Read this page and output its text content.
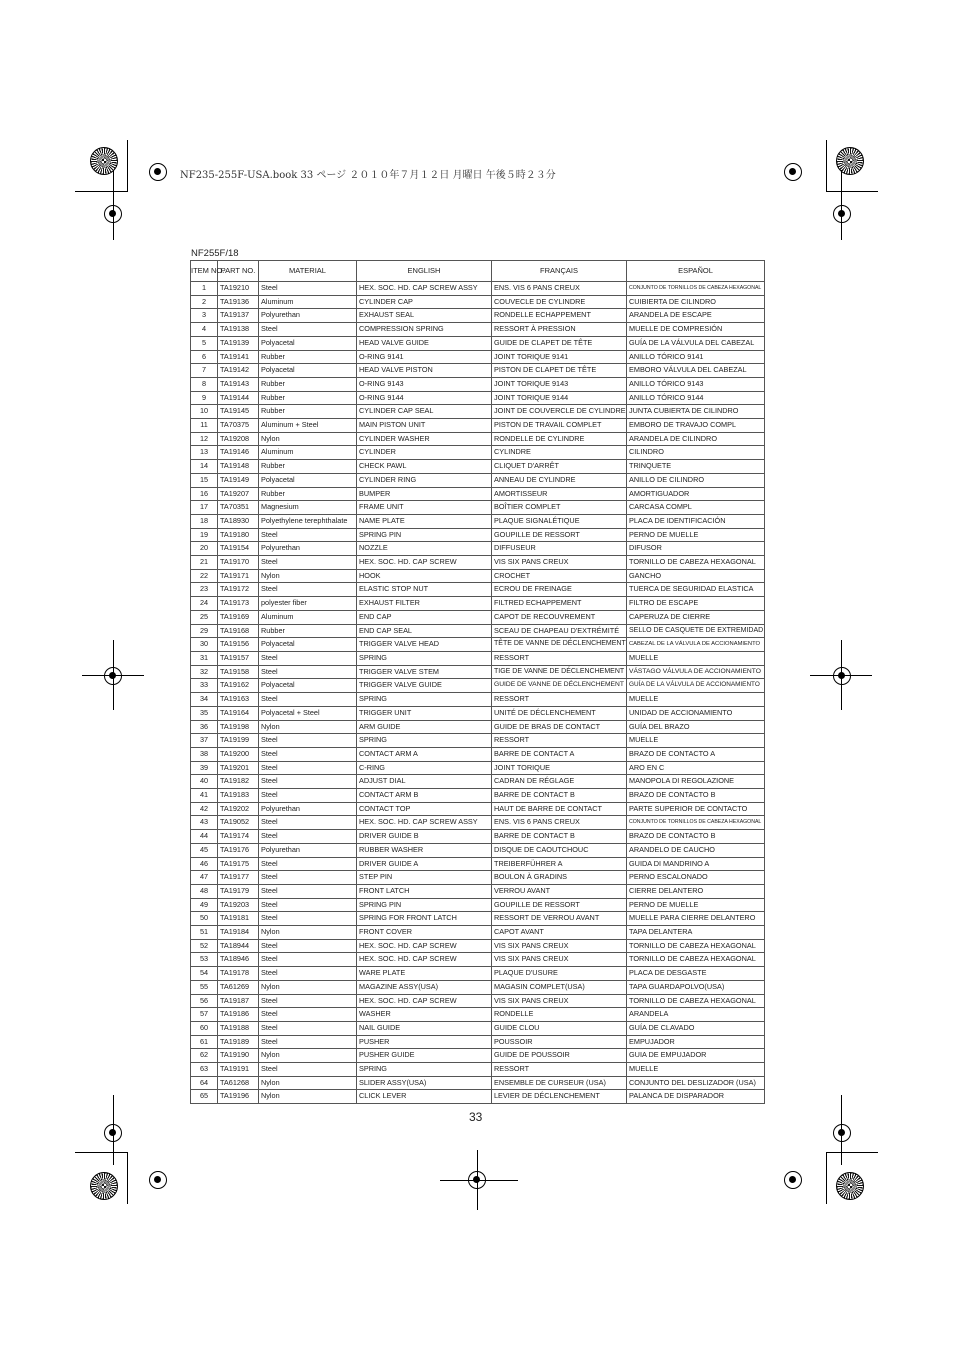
NF235-255F-USA.book 33 ページ ２０１０年７月１２日 月曜日 午後５時２３分
NF255F/18
ITEM NO.	PART NO.	MATERIAL	ENGLISH	FRANÇAIS	ESPAÑOL
1	TA19210	Steel	HEX. SOC. HD. CAP SCREW ASSY	ENS. VIS 6 PANS CREUX	CONJUNTO DE TORNILLOS DE CABEZA HEXAGONAL
2	TA19136	Aluminum	CYLINDER CAP	COUVECLE DE CYLINDRE	CUIBIERTA DE CILINDRO
3	TA19137	Polyurethan	EXHAUST SEAL	RONDELLE ECHAPPEMENT	ARANDELA DE ESCAPE
4	TA19138	Steel	COMPRESSION SPRING	RESSORT À PRESSION	MUELLE DE COMPRESIÓN
5	TA19139	Polyacetal	HEAD VALVE GUIDE	GUIDE DE CLAPET DE TÊTE	GUÍA DE LA VÁLVULA DEL CABEZAL
6	TA19141	Rubber	O-RING 9141	JOINT TORIQUE 9141	ANILLO TÓRICO 9141
7	TA19142	Polyacetal	HEAD VALVE PISTON	PISTON DE CLAPET DE TÊTE	EMBORO VÁLVULA DEL CABEZAL
8	TA19143	Rubber	O-RING 9143	JOINT TORIQUE 9143	ANILLO TÓRICO 9143
9	TA19144	Rubber	O-RING 9144	JOINT TORIQUE 9144	ANILLO TÓRICO 9144
10	TA19145	Rubber	CYLINDER CAP SEAL	JOINT DE COUVERCLE DE CYLINDRE	JUNTA CUBIERTA DE CILINDRO
11	TA70375	Aluminum + Steel	MAIN PISTON UNIT	PISTON DE TRAVAIL COMPLET	EMBORO DE TRAVAJO COMPL
12	TA19208	Nylon	CYLINDER WASHER	RONDELLE DE CYLINDRE	ARANDELA DE CILINDRO
13	TA19146	Aluminum	CYLINDER	CYLINDRE	CILINDRO
14	TA19148	Rubber	CHECK PAWL	CLIQUET D'ARRÊT	TRINQUETE
15	TA19149	Polyacetal	CYLINDER RING	ANNEAU DE CYLINDRE	ANILLO DE CILINDRO
16	TA19207	Rubber	BUMPER	AMORTISSEUR	AMORTIGUADOR
17	TA70351	Magnesium	FRAME UNIT	BOÎTIER COMPLET	CARCASA COMPL
18	TA18930	Polyethylene terephthalate	NAME PLATE	PLAQUE SIGNALÉTIQUE	PLACA DE IDENTIFICACIÓN
19	TA19180	Steel	SPRING PIN	GOUPILLE DE RESSORT	PERNO DE MUELLE
20	TA19154	Polyurethan	NOZZLE	DIFFUSEUR	DIFUSOR
21	TA19170	Steel	HEX. SOC. HD. CAP SCREW	VIS SIX PANS CREUX	TORNILLO DE CABEZA HEXAGONAL
22	TA19171	Nylon	HOOK	CROCHET	GANCHO
23	TA19172	Steel	ELASTIC STOP NUT	ECROU DE FREINAGE	TUERCA DE SEGURIDAD ELASTICA
24	TA19173	polyester fiber	EXHAUST FILTER	FILTRED ECHAPPEMENT	FILTRO DE ESCAPE
25	TA19169	Aluminum	END CAP	CAPOT DE RECOUVREMENT	CAPERUZA DE CIERRE
29	TA19168	Rubber	END CAP SEAL	SCEAU DE CHAPEAU D'EXTRÉMITÉ	SELLO DE CASQUETE DE EXTREMIDAD
30	TA19156	Polyacetal	TRIGGER VALVE HEAD	TÊTE DE VANNE DE DÉCLENCHEMENT	CABEZAL DE LA VÁLVULA DE ACCIONAMIENTO
31	TA19157	Steel	SPRING	RESSORT	MUELLE
32	TA19158	Steel	TRIGGER VALVE STEM	TIGE DE VANNE DE DÉCLENCHEMENT	VÁSTAGO VÁLVULA DE ACCIONAMIENTO
33	TA19162	Polyacetal	TRIGGER VALVE GUIDE	GUIDE DE VANNE DE DÉCLENCHEMENT	GUÍA DE LA VÁLVULA DE ACCIONAMIENTO
34	TA19163	Steel	SPRING	RESSORT	MUELLE
35	TA19164	Polyacetal + Steel	TRIGGER UNIT	UNITÉ DE DÉCLENCHEMENT	UNIDAD DE ACCIONAMIENTO
36	TA19198	Nylon	ARM GUIDE	GUIDE DE BRAS DE CONTACT	GUÍA DEL BRAZO
37	TA19199	Steel	SPRING	RESSORT	MUELLE
38	TA19200	Steel	CONTACT ARM A	BARRE DE CONTACT A	BRAZO DE CONTACTO A
39	TA19201	Steel	C-RING	JOINT TORIQUE	ARO EN C
40	TA19182	Steel	ADJUST DIAL	CADRAN DE RÉGLAGE	MANOPOLA DI REGOLAZIONE
41	TA19183	Steel	CONTACT ARM B	BARRE DE CONTACT B	BRAZO DE CONTACTO B
42	TA19202	Polyurethan	CONTACT TOP	HAUT DE BARRE DE CONTACT	PARTE SUPERIOR DE CONTACTO
43	TA19052	Steel	HEX. SOC. HD. CAP SCREW ASSY	ENS. VIS 6 PANS CREUX	CONJUNTO DE TORNILLOS DE CABEZA HEXAGONAL
44	TA19174	Steel	DRIVER GUIDE B	BARRE DE CONTACT B	BRAZO DE CONTACTO B
45	TA19176	Polyurethan	RUBBER WASHER	DISQUE DE CAOUTCHOUC	ARANDELO DE CAUCHO
46	TA19175	Steel	DRIVER GUIDE A	TREIBERFÜHRER A	GUIDA DI MANDRINO A
47	TA19177	Steel	STEP PIN	BOULON À GRADINS	PERNO ESCALONADO
48	TA19179	Steel	FRONT LATCH	VERROU AVANT	CIERRE DELANTERO
49	TA19203	Steel	SPRING PIN	GOUPILLE DE RESSORT	PERNO DE MUELLE
50	TA19181	Steel	SPRING FOR FRONT LATCH	RESSORT DE VERROU AVANT	MUELLE PARA CIERRE DELANTERO
51	TA19184	Nylon	FRONT COVER	CAPOT AVANT	TAPA DELANTERA
52	TA18944	Steel	HEX. SOC. HD. CAP SCREW	VIS SIX PANS CREUX	TORNILLO DE CABEZA HEXAGONAL
53	TA18946	Steel	HEX. SOC. HD. CAP SCREW	VIS SIX PANS CREUX	TORNILLO DE CABEZA HEXAGONAL
54	TA19178	Steel	WARE PLATE	PLAQUE D'USURE	PLACA DE DESGASTE
55	TA61269	Nylon	MAGAZINE ASSY(USA)	MAGASIN COMPLET(USA)	TAPA GUARDAPOLVO(USA)
56	TA19187	Steel	HEX. SOC. HD. CAP SCREW	VIS SIX PANS CREUX	TORNILLO DE CABEZA HEXAGONAL
57	TA19186	Steel	WASHER	RONDELLE	ARANDELA
60	TA19188	Steel	NAIL GUIDE	GUIDE CLOU	GUÍA DE CLAVADO
61	TA19189	Steel	PUSHER	POUSSOIR	EMPUJADOR
62	TA19190	Nylon	PUSHER GUIDE	GUIDE DE POUSSOIR	GUIA DE EMPUJADOR
63	TA19191	Steel	SPRING	RESSORT	MUELLE
64	TA61268	Nylon	SLIDER ASSY(USA)	ENSEMBLE DE CURSEUR (USA)	CONJUNTO DEL DESLIZADOR (USA)
65	TA19196	Nylon	CLICK LEVER	LEVIER DE DÉCLENCHEMENT	PALANCA DE DISPARADOR
33
